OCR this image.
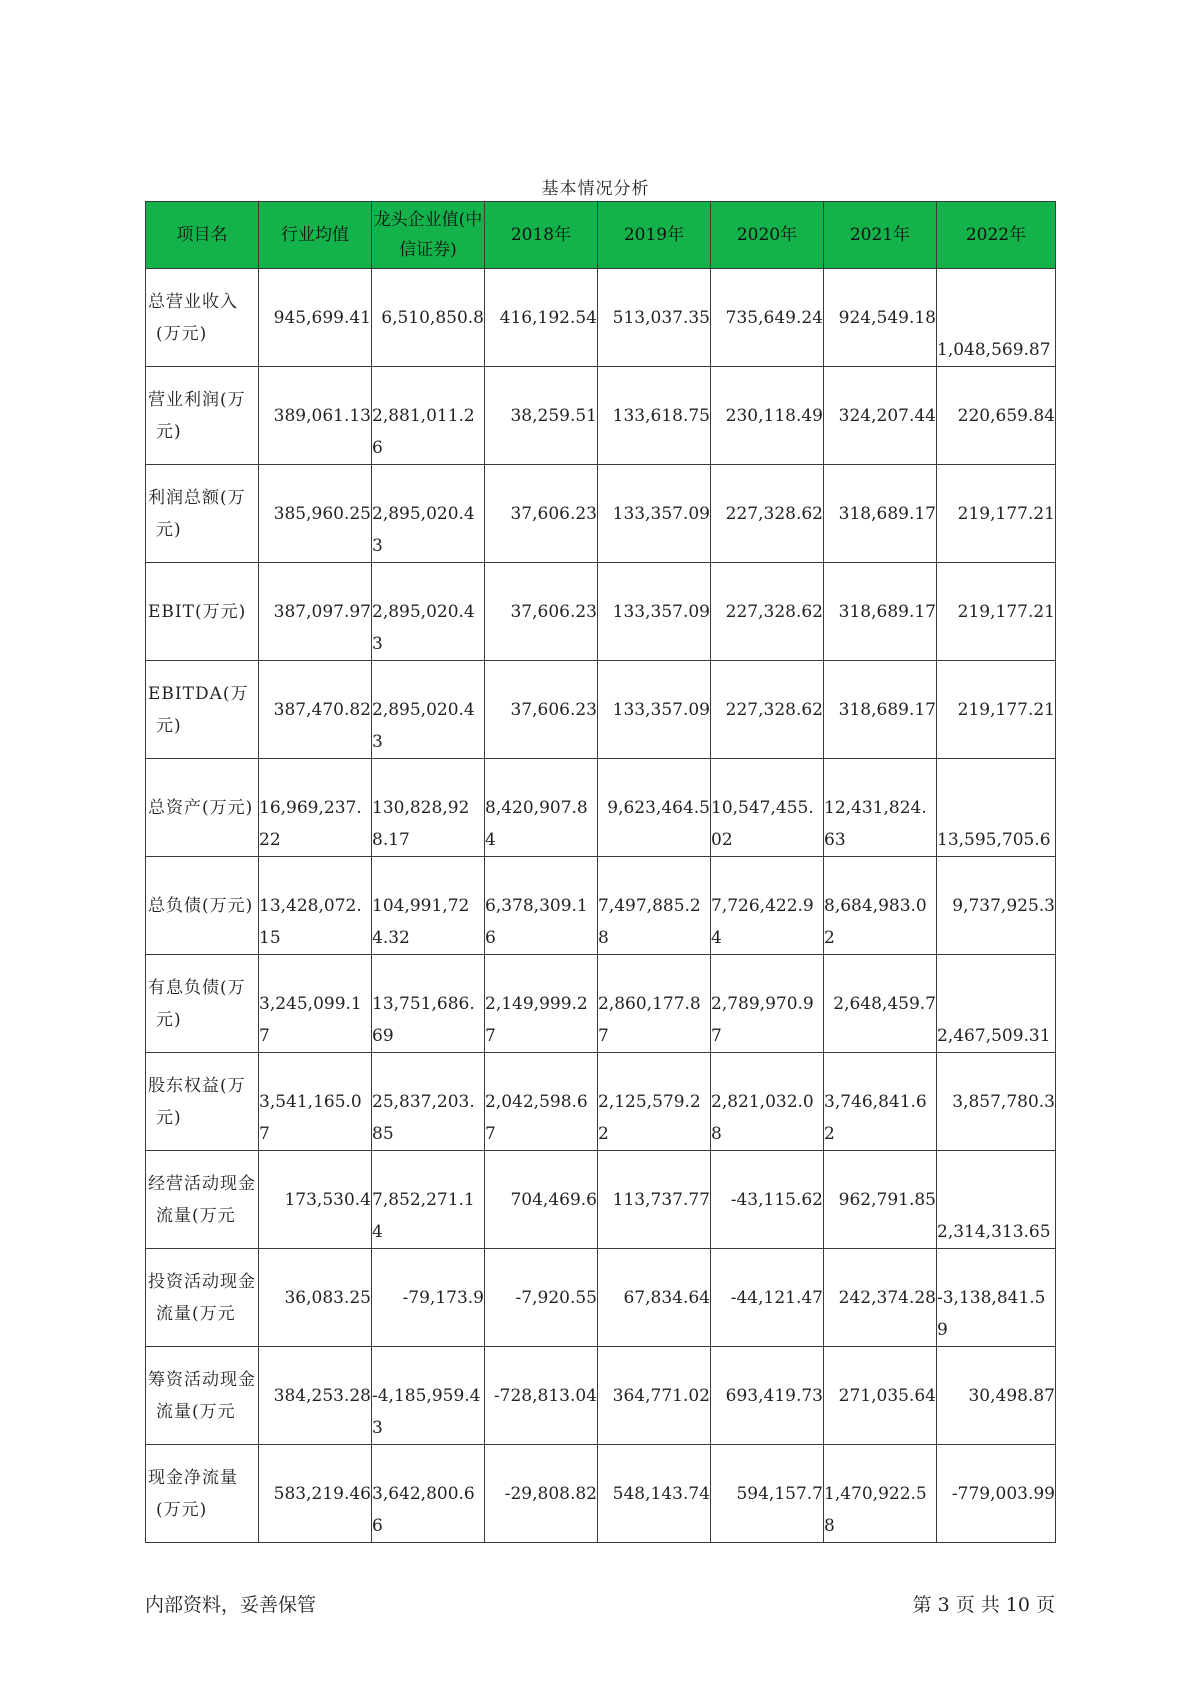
基本情况分析
项目名	行业均值	龙头企业值(中信证券)	2018年	2019年	2020年	2021年	2022年

总营业收入(万元)	945,699.41	6,510,850.8	416,192.54	513,037.35	735,649.24	924,549.18	1,048,569.87

营业利润(万元)	389,061.13	2,881,011.26	38,259.51	133,618.75	230,118.49	324,207.44	220,659.84

利润总额(万元)	385,960.25	2,895,020.43	37,606.23	133,357.09	227,328.62	318,689.17	219,177.21

EBIT(万元)	387,097.97	2,895,020.43	37,606.23	133,357.09	227,328.62	318,689.17	219,177.21

EBITDA(万元)	387,470.82	2,895,020.43	37,606.23	133,357.09	227,328.62	318,689.17	219,177.21

总资产(万元)	16,969,237.22	130,828,928.17	8,420,907.84	9,623,464.5	10,547,455.02	12,431,824.63	13,595,705.6

总负债(万元)	13,428,072.15	104,991,724.32	6,378,309.16	7,497,885.28	7,726,422.94	8,684,983.02	9,737,925.3

有息负债(万元)	3,245,099.17	13,751,686.69	2,149,999.27	2,860,177.87	2,789,970.97	2,648,459.7	2,467,509.31

股东权益(万元)	3,541,165.07	25,837,203.85	2,042,598.67	2,125,579.22	2,821,032.08	3,746,841.62	3,857,780.3

经营活动现金流量(万元	173,530.4	7,852,271.14	704,469.6	113,737.77	-43,115.62	962,791.85	2,314,313.65

投资活动现金流量(万元	36,083.25	-79,173.9	-7,920.55	67,834.64	-44,121.47	242,374.28	-3,138,841.59

筹资活动现金流量(万元	384,253.28	-4,185,959.43	-728,813.04	364,771.02	693,419.73	271,035.64	30,498.87

现金净流量(万元)	583,219.46	3,642,800.66	-29,808.82	548,143.74	594,157.7	1,470,922.58	-779,003.99
内部资料，妥善保管	第 3 页 共 10 页
